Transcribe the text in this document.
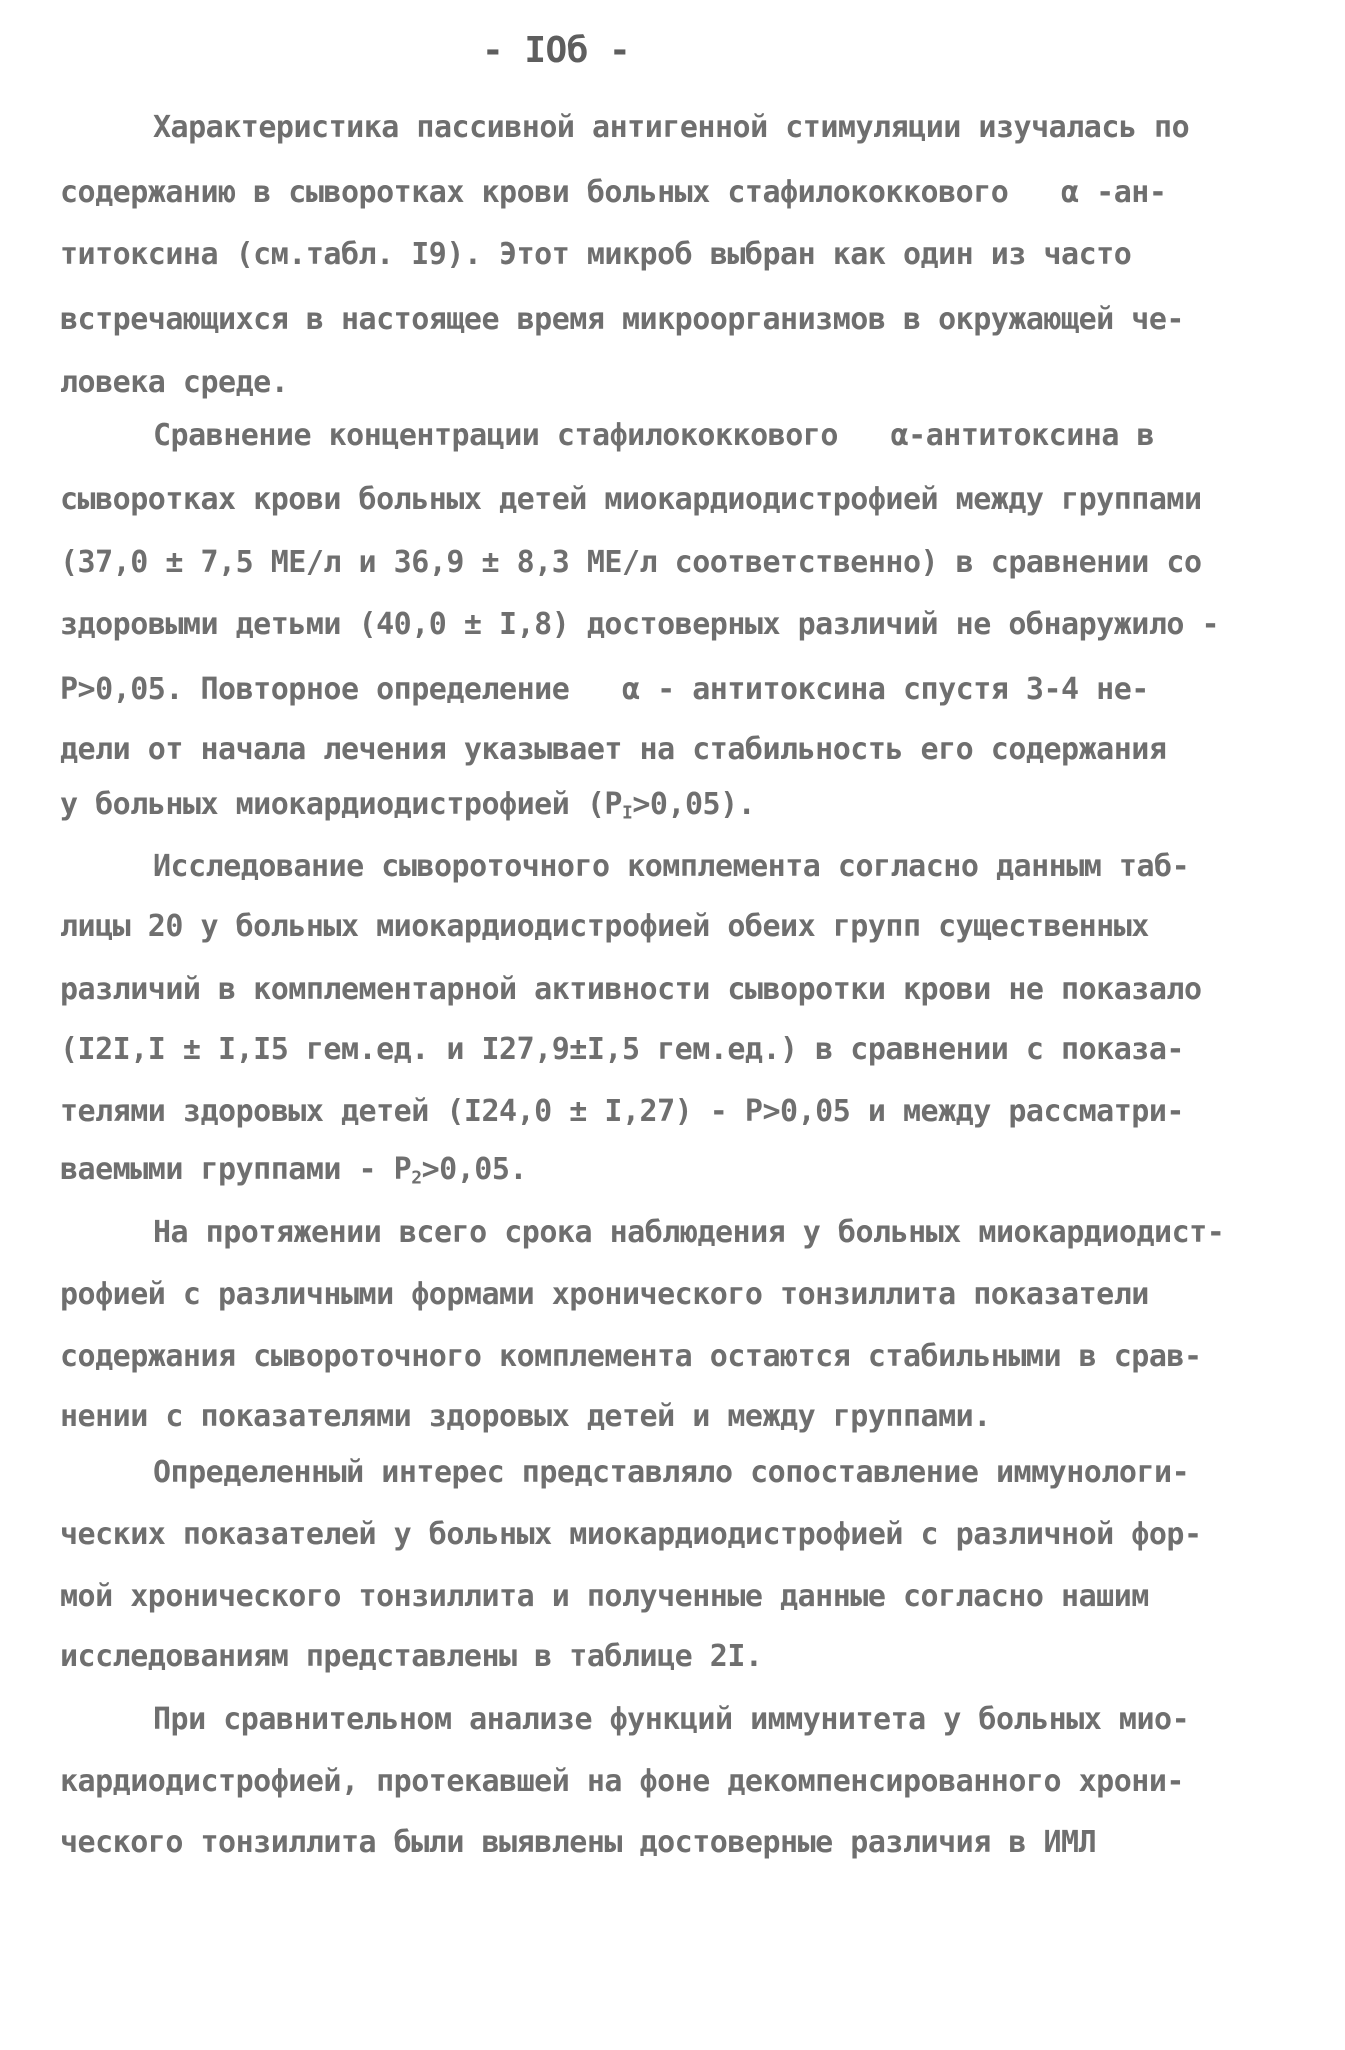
- IOб -
Характеристика пассивной антигенной стимуляции изучалась по
содержанию в сыворотках крови больных стафилококкового   α -ан-
титоксина (см.табл. I9). Этот микроб выбран как один из часто
встречающихся в настоящее время микроорганизмов в окружающей че-
ловека среде.
Сравнение концентрации стафилококкового   α-антитоксина в
сыворотках крови больных детей миокардиодистрофией между группами
(37,0 ± 7,5 МЕ/л и 36,9 ± 8,3 МЕ/л соответственно) в сравнении со
здоровыми детьми (40,0 ± I,8) достоверных различий не обнаружило -
Р>0,05. Повторное определение   α - антитоксина спустя 3-4 не-
дели от начала лечения указывает на стабильность его содержания
у больных миокардиодистрофией $(Р_I>0,05)$.
Исследование сывороточного комплемента согласно данным таб-
лицы 20 у больных миокардиодистрофией обеих групп существенных
различий в комплементарной активности сыворотки крови не показало
(I2I,I ± I,I5 гем.ед. и I27,9±I,5 гем.ед.) в сравнении с показа-
телями здоровых детей (I24,0 ± I,27) - Р>0,05 и между рассматри-
ваемыми группами - $Р_2>0,05$.
На протяжении всего срока наблюдения у больных миокардиодист-
рофией с различными формами хронического тонзиллита показатели
содержания сывороточного комплемента остаются стабильными в срав-
нении с показателями здоровых детей и между группами.
Определенный интерес представляло сопоставление иммунологи-
ческих показателей у больных миокардиодистрофией с различной фор-
мой хронического тонзиллита и полученные данные согласно нашим
исследованиям представлены в таблице 2I.
При сравнительном анализе функций иммунитета у больных мио-
кардиодистрофией, протекавшей на фоне декомпенсированного хрони-
ческого тонзиллита были выявлены достоверные различия в ИМЛ
